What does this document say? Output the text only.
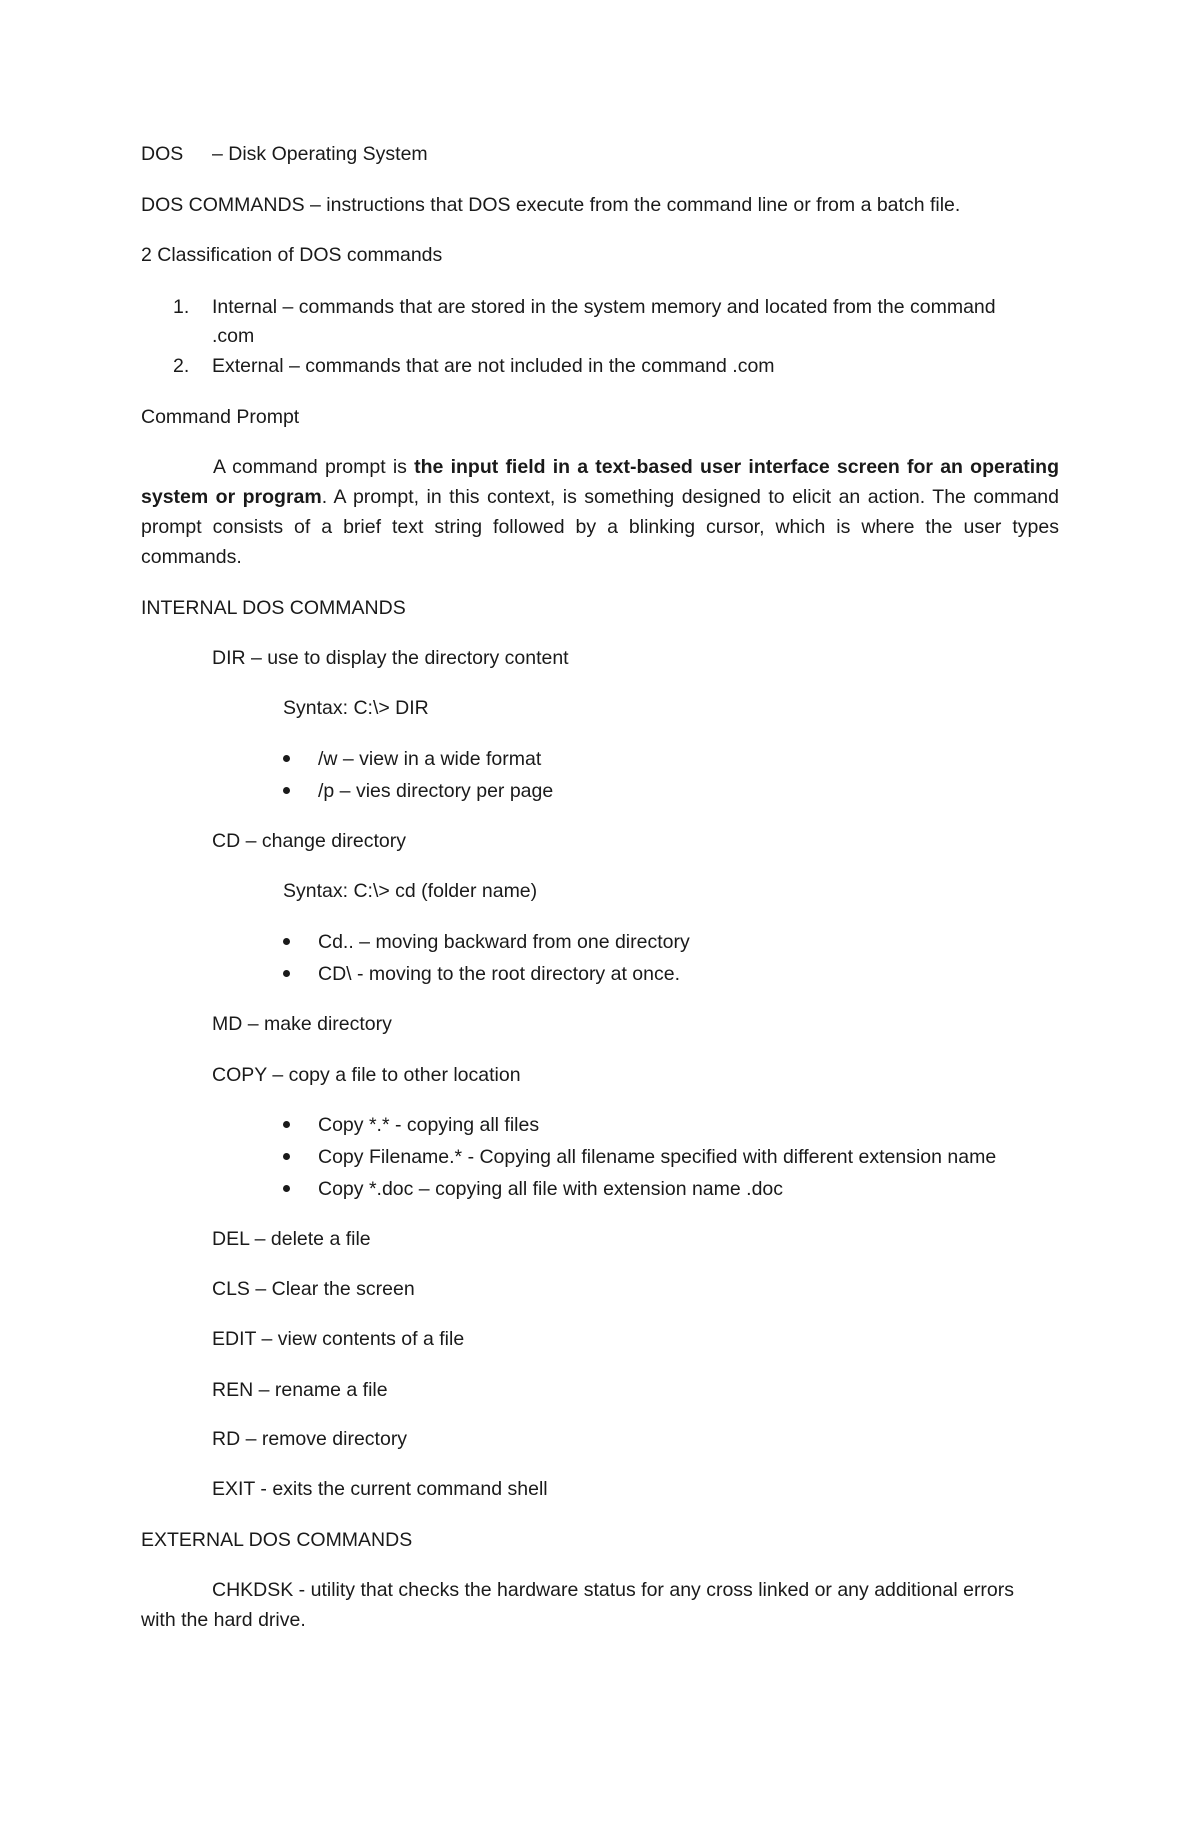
DOS – Disk Operating System
DOS COMMANDS – instructions that DOS execute from the command line or from a batch file.
2 Classification of DOS commands
1. Internal – commands that are stored in the system memory and located from the command
.com
2. External – commands that are not included in the command .com
Command Prompt
A command prompt is the input field in a text-based user interface screen for an operating system or program. A prompt, in this context, is something designed to elicit an action. The command prompt consists of a brief text string followed by a blinking cursor, which is where the user types commands.
INTERNAL DOS COMMANDS
DIR – use to display the directory content
Syntax: C:\> DIR
/w – view in a wide format
/p – vies directory per page
CD – change directory
Syntax: C:\> cd (folder name)
Cd.. – moving backward from one directory
CD\ - moving to the root directory at once.
MD – make directory
COPY – copy a file to other location
Copy *.* - copying all files
Copy Filename.* - Copying all filename specified with different extension name
Copy *.doc – copying all file with extension name .doc
DEL – delete a file
CLS – Clear the screen
EDIT – view contents of a file
REN – rename a file
RD – remove directory
EXIT - exits the current command shell
EXTERNAL DOS COMMANDS
CHKDSK - utility that checks the hardware status for any cross linked or any additional errors
with the hard drive.
